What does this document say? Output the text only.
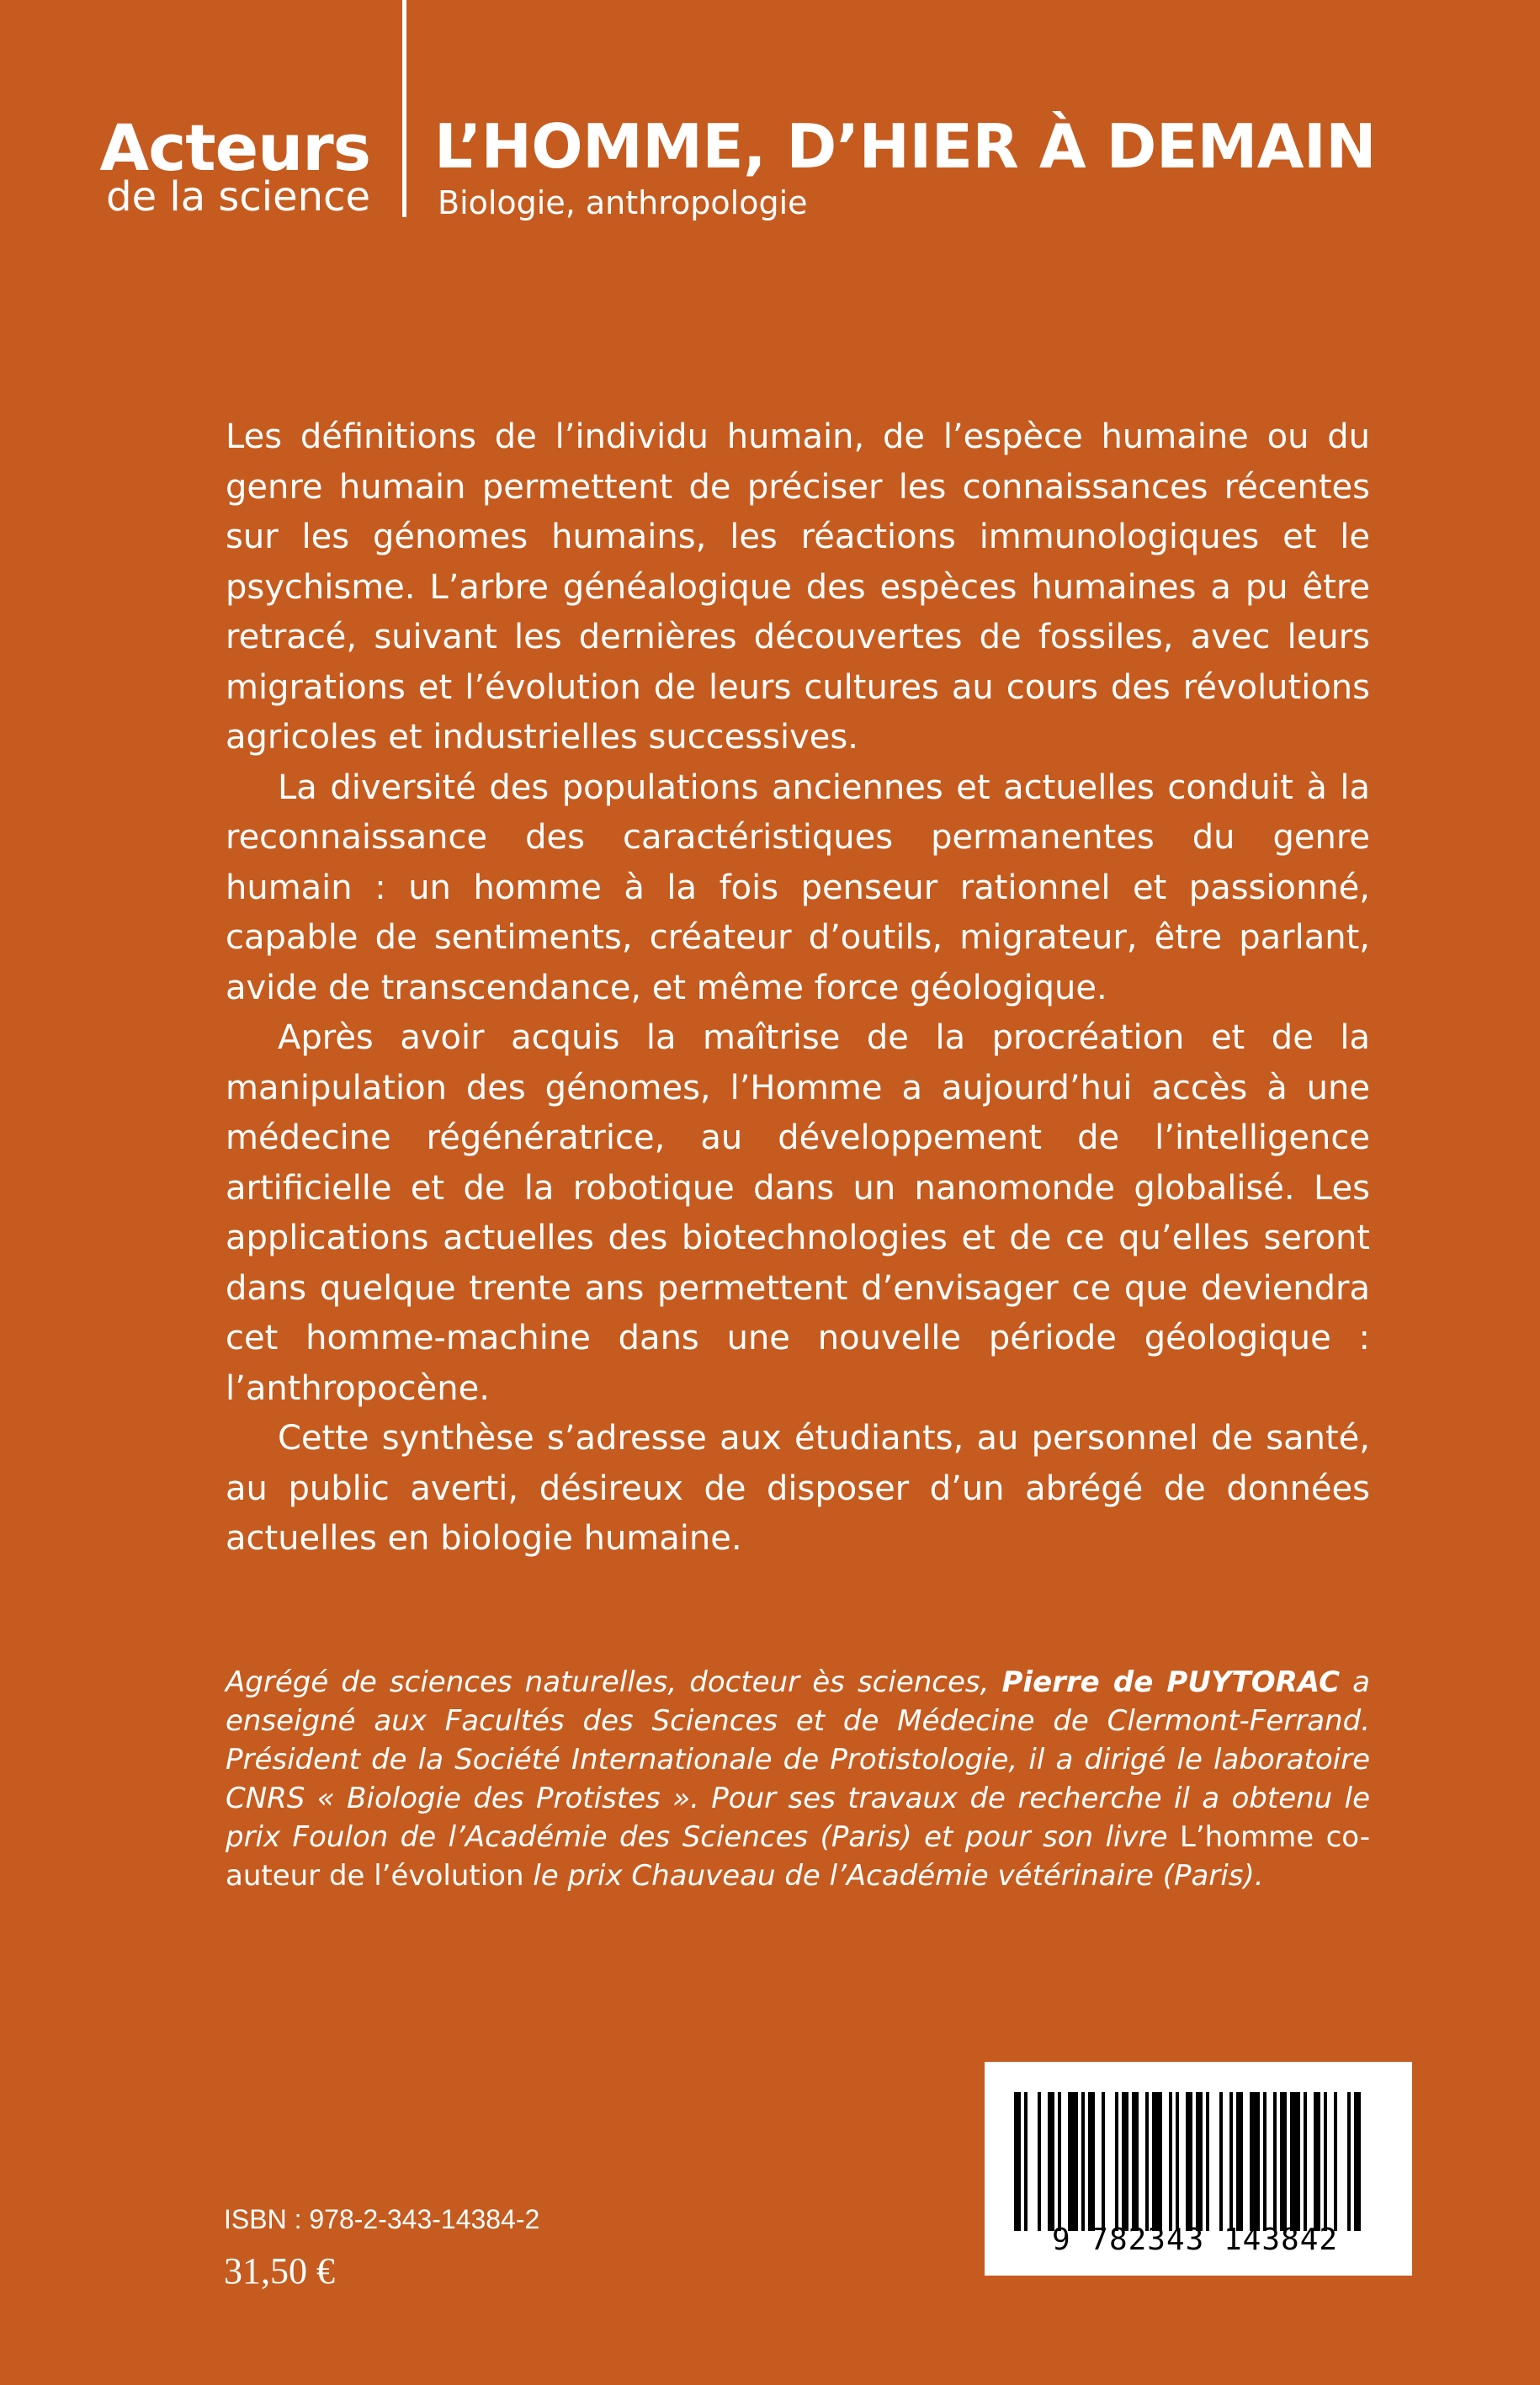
Acteurs
de la science
L’HOMME, D’HIER À DEMAIN
Biologie, anthropologie

Les définitions de l’individu humain, de l’espèce humaine ou du genre humain permettent de préciser les connaissances récentes sur les génomes humains, les réactions immunologiques et le psychisme. L’arbre généalogique des espèces humaines a pu être retracé, suivant les dernières découvertes de fossiles, avec leurs migrations et l’évolution de leurs cultures au cours des révolutions agricoles et industrielles successives.

La diversité des populations anciennes et actuelles conduit à la reconnaissance des caractéristiques permanentes du genre humain : un homme à la fois penseur rationnel et passionné, capable de sentiments, créateur d’outils, migrateur, être parlant, avide de transcendance, et même force géologique.

Après avoir acquis la maîtrise de la procréation et de la manipulation des génomes, l’Homme a aujourd’hui accès à une médecine régénératrice, au développement de l’intelligence artificielle et de la robotique dans un nanomonde globalisé. Les applications actuelles des biotechnologies et de ce qu’elles seront dans quelque trente ans permettent d’envisager ce que deviendra cet homme-machine dans une nouvelle période géologique : l’anthropocène.

Cette synthèse s’adresse aux étudiants, au personnel de santé, au public averti, désireux de disposer d’un abrégé de données actuelles en biologie humaine.

Agrégé de sciences naturelles, docteur ès sciences, Pierre de PUYTORAC a enseigné aux Facultés des Sciences et de Médecine de Clermont-Ferrand. Président de la Société Internationale de Protistologie, il a dirigé le laboratoire CNRS « Biologie des Protistes ». Pour ses travaux de recherche il a obtenu le prix Foulon de l’Académie des Sciences (Paris) et pour son livre L’homme co-auteur de l’évolution le prix Chauveau de l’Académie vétérinaire (Paris).
9 782343 143842
ISBN : 978-2-343-14384-2
31,50 €
